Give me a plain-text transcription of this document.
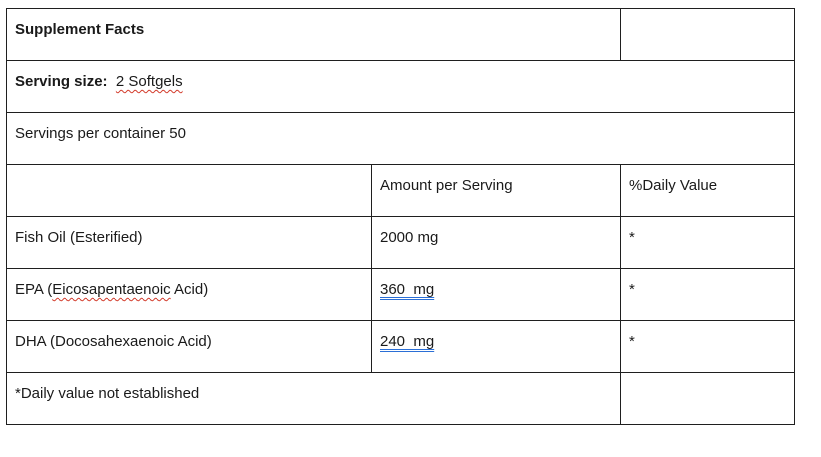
Supplement Facts		
Serving size: 2 Softgels		
Servings per container 50		
	Amount per Serving	%Daily Value
Fish Oil (Esterified)	2000 mg	*
EPA (Eicosapentaenoic Acid)	360  mg	*
DHA (Docosahexaenoic Acid)	240  mg	*
*Daily value not established		
